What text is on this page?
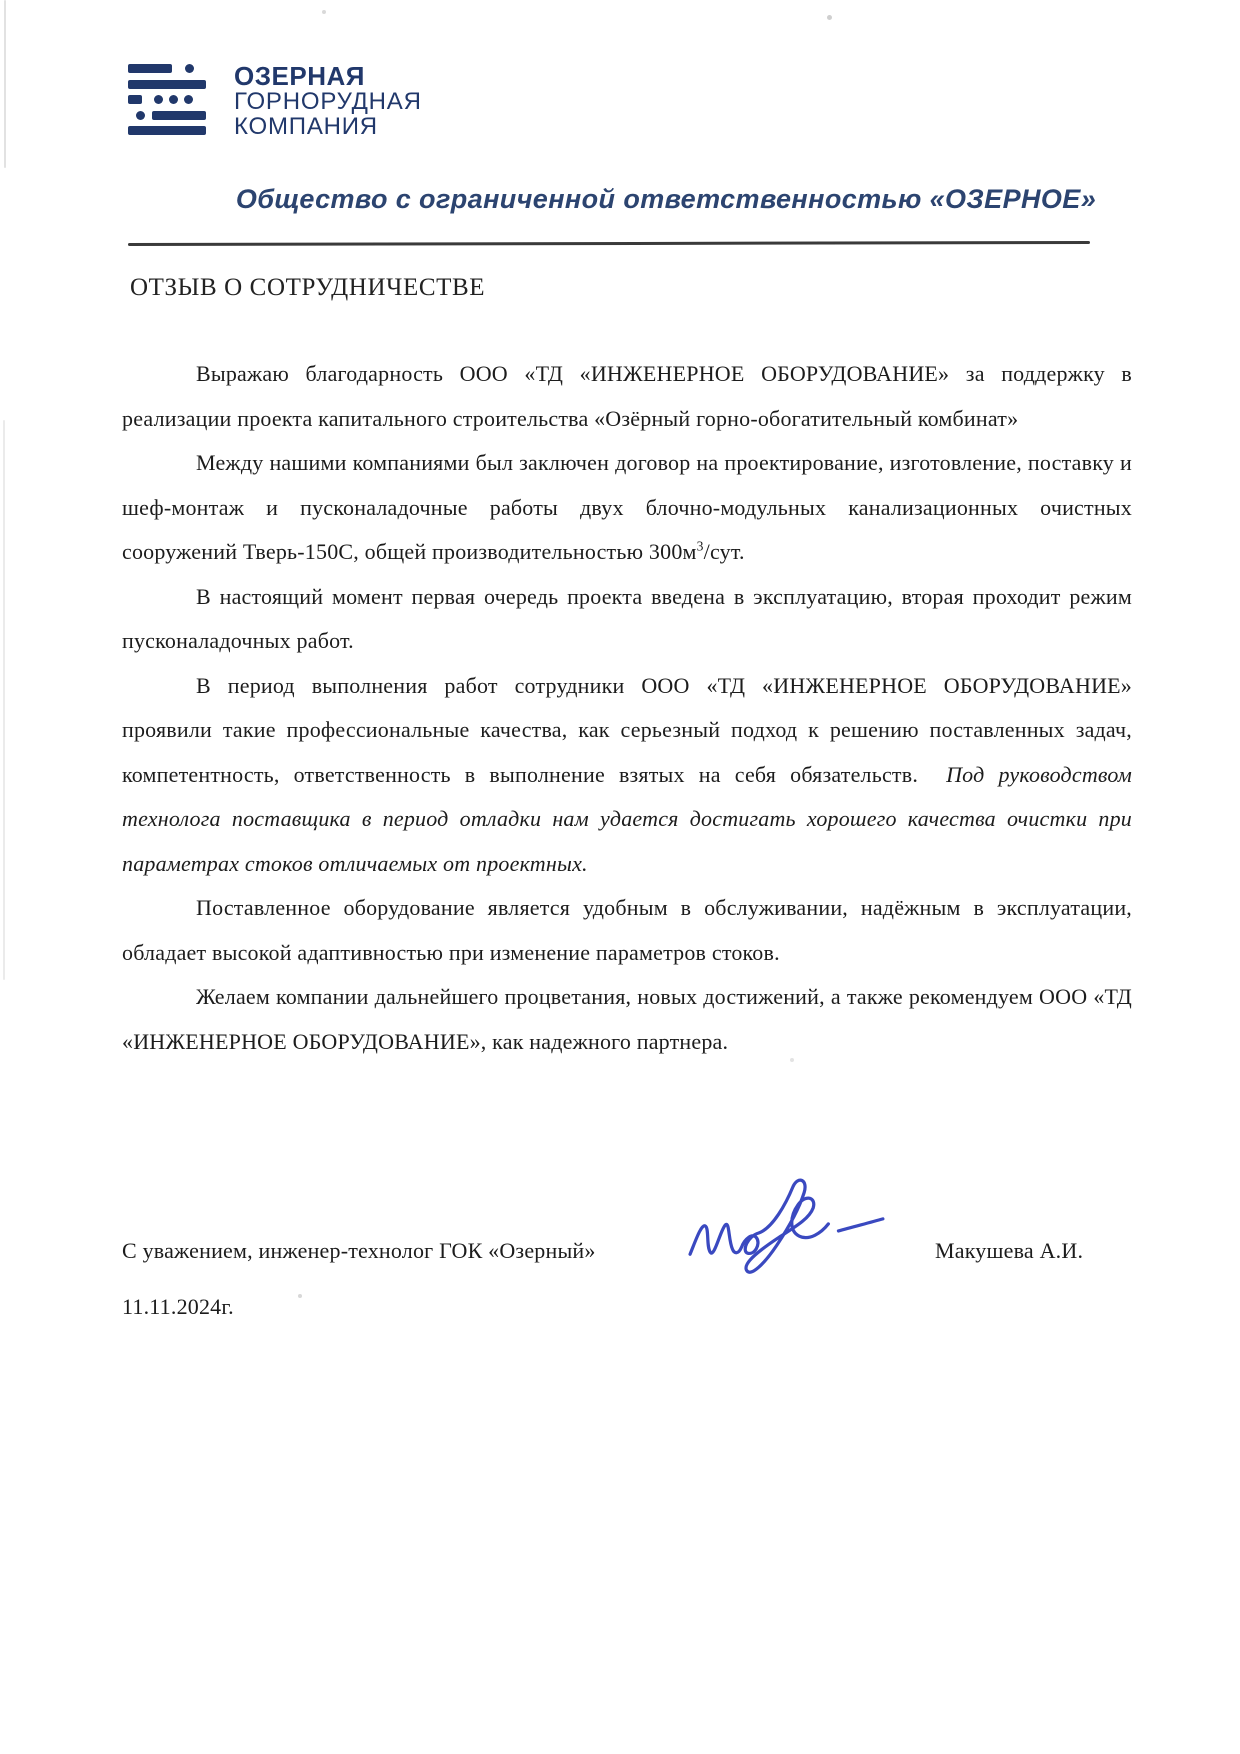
ОЗЕРНАЯ
ГОРНОРУДНАЯ
КОМПАНИЯ
Общество с ограниченной ответственностью «ОЗЕРНОЕ»
ОТЗЫВ О СОТРУДНИЧЕСТВЕ

Выражаю благодарность ООО «ТД «ИНЖЕНЕРНОЕ ОБОРУДОВАНИЕ» за поддержку в реализации проекта капитального строительства «Озёрный горно-обогатительный комбинат»

Между нашими компаниями был заключен договор на проектирование, изготовление, поставку и шеф-монтаж и пусконаладочные работы двух блочно-модульных канализационных очистных сооружений Тверь-150С, общей производительностью $300м^3$/сут.

В настоящий момент первая очередь проекта введена в эксплуатацию, вторая проходит режим пусконаладочных работ.

В период выполнения работ сотрудники ООО «ТД «ИНЖЕНЕРНОЕ ОБОРУДОВАНИЕ» проявили такие профессиональные качества, как серьезный подход к решению поставленных задач, компетентность, ответственность в выполнение взятых на себя обязательств.  Под руководством технолога поставщика в период отладки нам удается достигать хорошего качества очистки при параметрах стоков отличаемых от проектных.

Поставленное оборудование является удобным в обслуживании, надёжным в эксплуатации, обладает высокой адаптивностью при изменение параметров стоков.

Желаем компании дальнейшего процветания, новых достижений, а также рекомендуем ООО «ТД «ИНЖЕНЕРНОЕ ОБОРУДОВАНИЕ», как надежного партнера.

С уважением, инженер-технолог ГОК «Озерный»	Макушева А.И.
11.11.2024г.
